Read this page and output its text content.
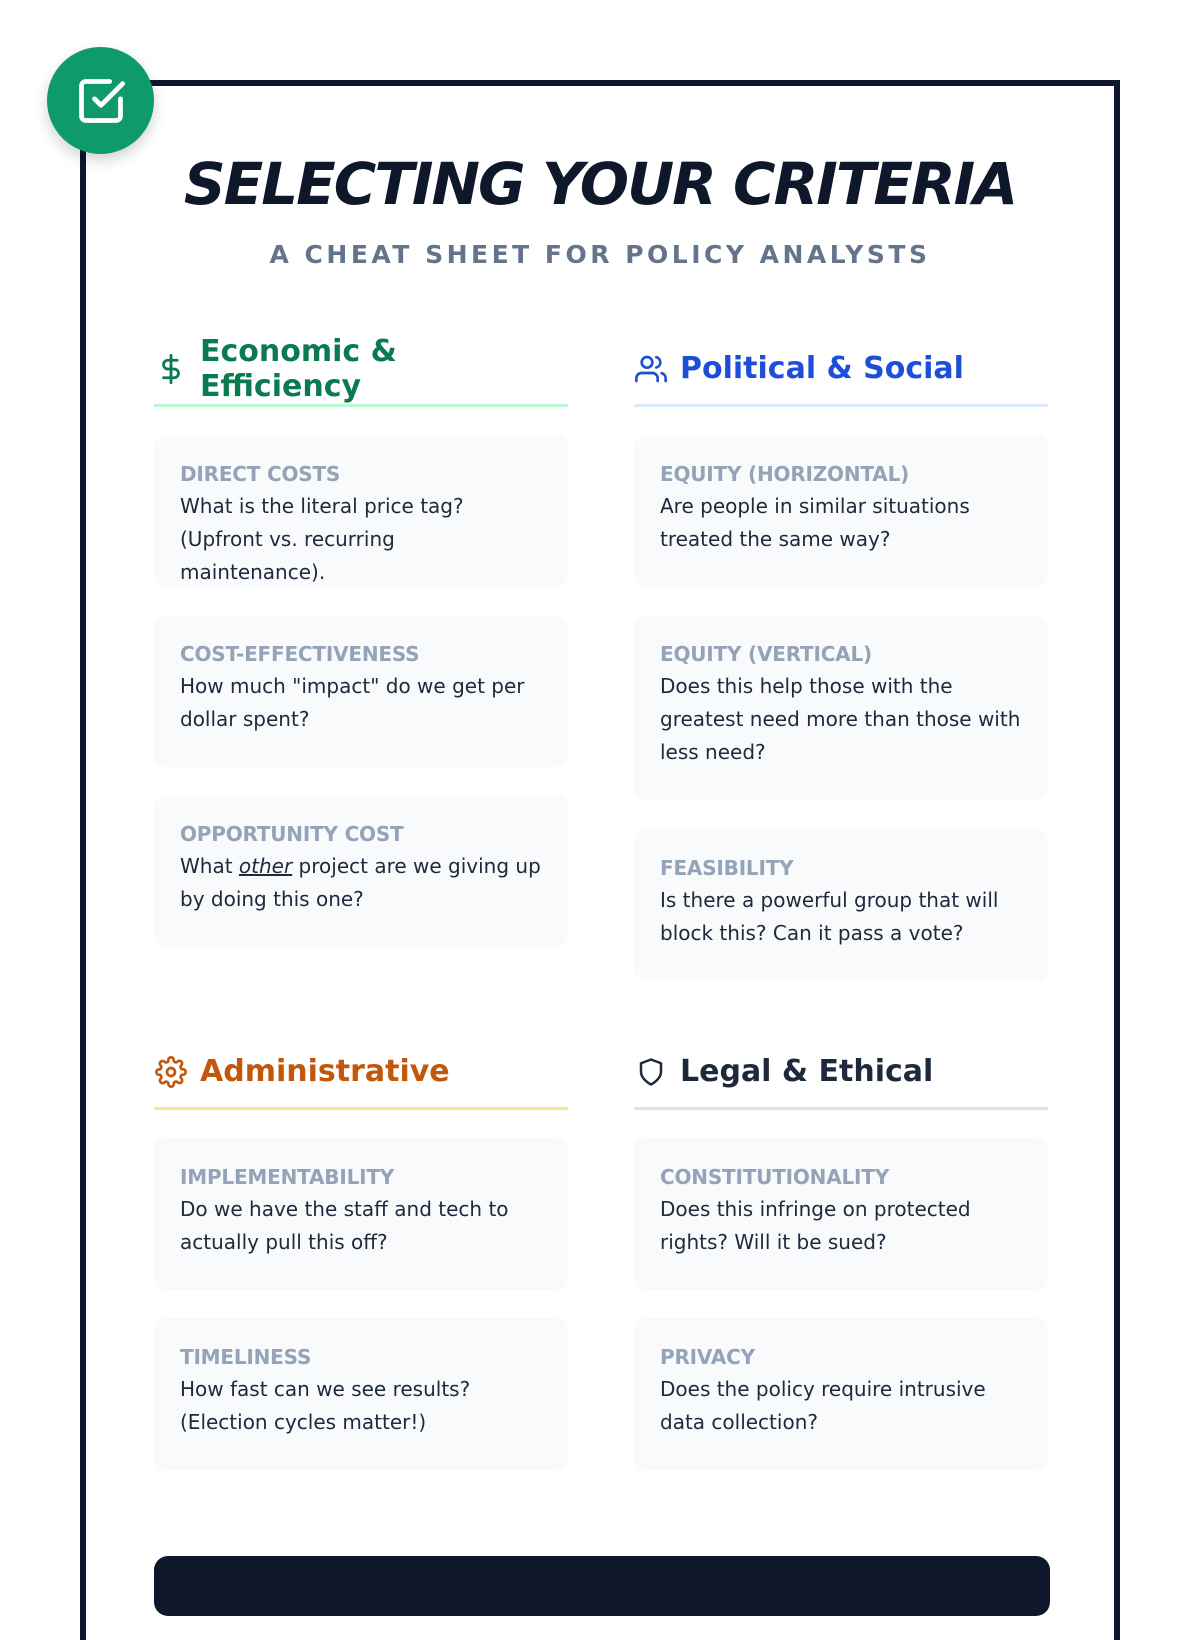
SELECTING YOUR CRITERIA
A CHEAT SHEET FOR POLICY ANALYSTS
Economic & Efficiency
DIRECT COSTS
What is the literal price tag? (Upfront vs. recurring maintenance).
COST-EFFECTIVENESS
How much "impact" do we get per dollar spent?
OPPORTUNITY COST
What other project are we giving up by doing this one?
Political & Social
EQUITY (HORIZONTAL)
Are people in similar situations treated the same way?
EQUITY (VERTICAL)
Does this help those with the greatest need more than those with less need?
FEASIBILITY
Is there a powerful group that will block this? Can it pass a vote?
Administrative
IMPLEMENTABILITY
Do we have the staff and tech to actually pull this off?
TIMELINESS
How fast can we see results? (Election cycles matter!)
Legal & Ethical
CONSTITUTIONALITY
Does this infringe on protected rights? Will it be sued?
PRIVACY
Does the policy require intrusive data collection?
